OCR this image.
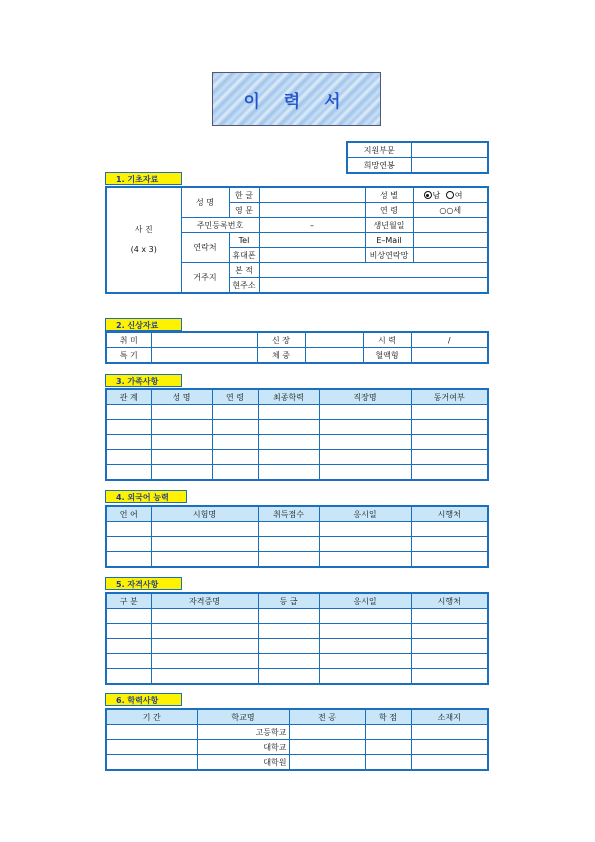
이 력 서
지원부문	
희망연봉	
1. 기초자료
사 진
(4 x 3)	성 명	한 글		성 별	남 여
		영 문		연 령	○○세
	주민등록번호		–	생년월일	
	연락처	Tel		E–Mail	
		휴대폰		비상연락망	
	거주지	본 적			
		현주소			
2. 신상자료
취 미		신 장		시 력	/
특 기		체 중		혈액형	
3. 가족사항
관 계	성 명	연 령	최종학력	직장명	동거여부

4. 외국어 능력
언 어	시험명	취득점수	응시일	시행처

5. 자격사항
구 분	자격증명	등 급	응시일	시행처

6. 학력사항
기 간	학교명	전 공	학 점	소재지
	고등학교			
	대학교			
	대학원			
